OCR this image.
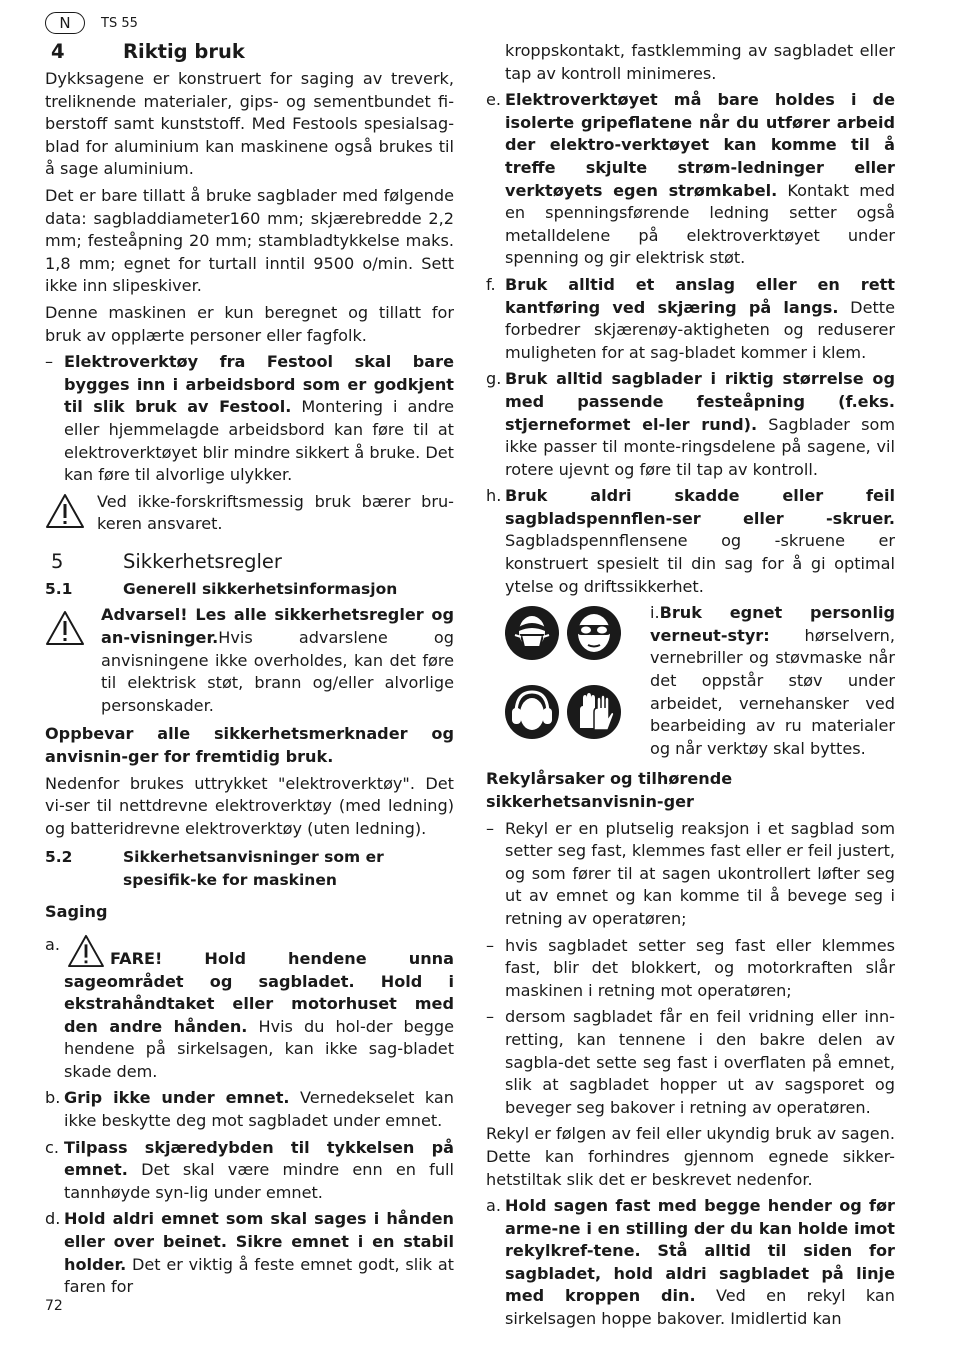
N	TS 55
4	Riktig bruk

Dykksagene er konstruert for saging av treverk, treliknende materialer, gips- og sementbundet fi-berstoff samt kunststoff. Med Festools spesialsag-blad for aluminium kan maskinene også brukes til å sage aluminium.

Det er bare tillatt å bruke sagblader med følgende data: sagbladdiameter160 mm; skjærebredde 2,2 mm; festeåpning 20 mm; stambladtykkelse maks. 1,8 mm; egnet for turtall inntil 9500 o/min. Sett ikke inn slipeskiver.

Denne maskinen er kun beregnet og tillatt for bruk av opplærte personer eller fagfolk.

– Elektroverktøy fra Festool skal bare bygges inn i arbeidsbord som er godkjent til slik bruk av Festool. Montering i andre eller hjemmelagde arbeidsbord kan føre til at elektroverktøyet blir mindre sikkert å bruke. Det kan føre til alvorlige ulykker.
Ved ikke-forskriftsmessig bruk bærer bru-keren ansvaret.
5	Sikkerhetsregler
5.1	Generell sikkerhetsinformasjon
Advarsel! Les alle sikkerhetsregler og an-visninger.Hvis advarslene og anvisningene ikke overholdes, kan det føre til elektrisk støt, brann og/eller alvorlige personskader.

Oppbevar alle sikkerhetsmerknader og anvisnin-ger for fremtidig bruk.

Nedenfor brukes uttrykket "elektroverktøy". Det vi-ser til nettdrevne elektroverktøy (med ledning) og batteridrevne elektroverktøy (uten ledning).

5.2	Sikkerhetsanvisninger som er spesifik-ke for maskinen
Saging
a.
FARE! Hold hendene unna sageområdet og sagbladet. Hold i ekstrahåndtaket eller motorhuset med den andre hånden. Hvis du hol-der begge hendene på sirkelsagen, kan ikke sag-bladet skade dem.
b. Grip ikke under emnet. Vernedekselet kan ikke beskytte deg mot sagbladet under emnet.
c. Tilpass skjæredybden til tykkelsen på emnet. Det skal være mindre enn en full tannhøyde syn-lig under emnet.
d. Hold aldri emnet som skal sages i hånden eller over beinet. Sikre emnet i en stabil holder. Det er viktig å feste emnet godt, slik at faren for
kroppskontakt, fastklemming av sagbladet eller tap av kontroll minimeres.
e. Elektroverktøyet må bare holdes i de isolerte gripeflatene når du utfører arbeid der elektro-verktøyet kan komme til å treffe skjulte strøm-ledninger eller verktøyets egen strømkabel. Kontakt med en spenningsførende ledning setter også metalldelene på elektroverktøyet under spenning og gir elektrisk støt.
f. Bruk alltid et anslag eller en rett kantføring ved skjæring på langs. Dette forbedrer skjærenøy-aktigheten og reduserer muligheten for at sag-bladet kommer i klem.
g. Bruk alltid sagblader i riktig størrelse og med passende festeåpning (f.eks. stjerneformet el-ler rund). Sagblader som ikke passer til monte-ringsdelene på sagene, vil rotere ujevnt og føre til tap av kontroll.
h. Bruk aldri skadde eller feil sagbladspennflen-ser eller -skruer. Sagbladspennflensene og -skruene er konstruert spesielt til din sag for å gi optimal ytelse og driftssikkerhet.
i.Bruk egnet personlig verneut-styr: hørselvern, vernebriller og støvmaske når det oppstår støv under arbeidet, vernehansker ved bearbeiding av ru materialer og når verktøy skal byttes.
Rekylårsaker og tilhørende sikkerhetsanvisnin-ger
– Rekyl er en plutselig reaksjon i et sagblad som setter seg fast, klemmes fast eller er feil justert, og som fører til at sagen ukontrollert løfter seg ut av emnet og kan komme til å bevege seg i retning av operatøren;
– hvis sagbladet setter seg fast eller klemmes fast, blir det blokkert, og motorkraften slår maskinen i retning mot operatøren;
– dersom sagbladet får en feil vridning eller inn-retting, kan tennene i den bakre delen av sagbla-det sette seg fast i overflaten på emnet, slik at sagbladet hopper ut av sagsporet og beveger seg bakover i retning av operatøren.

Rekyl er følgen av feil eller ukyndig bruk av sagen. Dette kan forhindres gjennom egnede sikker-hetstiltak slik det er beskrevet nedenfor.

a. Hold sagen fast med begge hender og før arme-ne i en stilling der du kan holde imot rekylkref-tene. Stå alltid til siden for sagbladet, hold aldri sagbladet på linje med kroppen din. Ved en rekyl kan sirkelsagen hoppe bakover. Imidlertid kan
72
